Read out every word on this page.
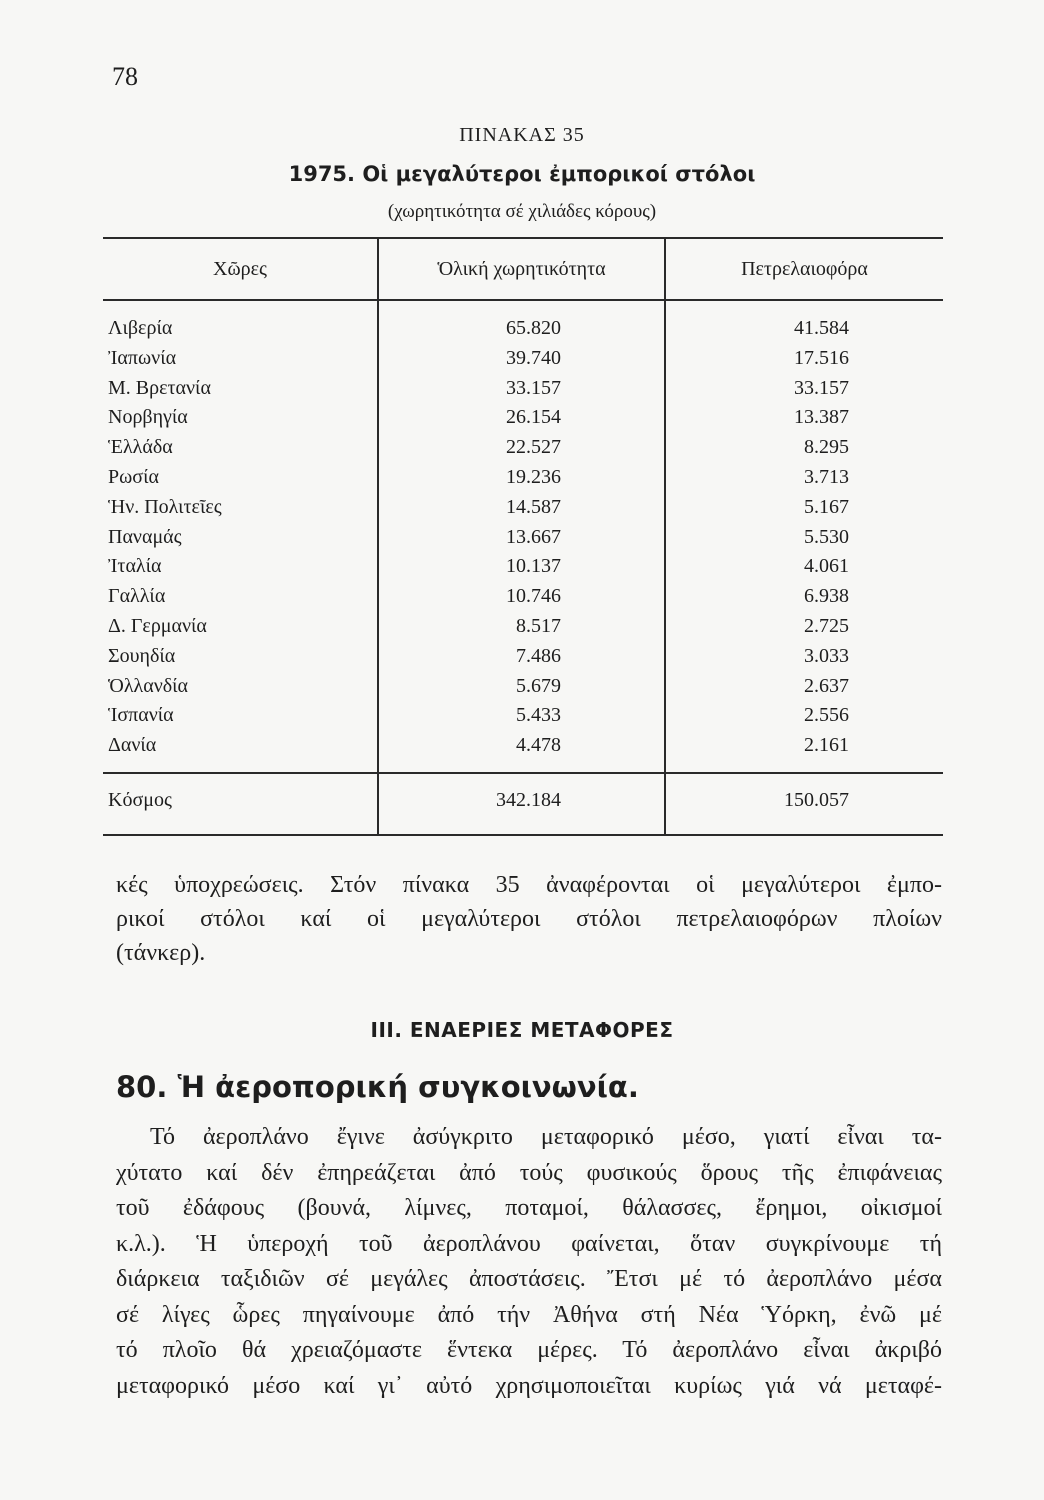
78
ΠΙΝΑΚΑΣ 35
1975. Οἱ μεγαλύτεροι ἐμπορικοί στόλοι
(χωρητικότητα σέ χιλιάδες κόρους)
Χῶρες	Ὁλική χωρητικότητα	Πετρελαιοφόρα
Λιβερία	65.820	41.584
Ἰαπωνία	39.740	17.516
Μ. Βρετανία	33.157	33.157
Νορβηγία	26.154	13.387
Ἑλλάδα	22.527	8.295
Ρωσία	19.236	3.713
Ἡν. Πολιτεῖες	14.587	5.167
Παναμάς	13.667	5.530
Ἰταλία	10.137	4.061
Γαλλία	10.746	6.938
Δ. Γερμανία	8.517	2.725
Σουηδία	7.486	3.033
Ὁλλανδία	5.679	2.637
Ἱσπανία	5.433	2.556
Δανία	4.478	2.161
Κόσμος	342.184	150.057
κές ὑποχρεώσεις. Στόν πίνακα 35 ἀναφέρονται οἱ μεγαλύτεροι ἐμπο-
ρικοί στόλοι καί οἱ μεγαλύτεροι στόλοι πετρελαιοφόρων πλοίων
(τάνκερ).
III. ΕΝΑΕΡΙΕΣ ΜΕΤΑΦΟΡΕΣ
80. Ἡ ἀεροπορική συγκοινωνία.
Τό ἀεροπλάνο ἔγινε ἀσύγκριτο μεταφορικό μέσο, γιατί εἶναι τα-
χύτατο καί δέν ἐπηρεάζεται ἀπό τούς φυσικούς ὅρους τῆς ἐπιφάνειας
τοῦ ἐδάφους (βουνά, λίμνες, ποταμοί, θάλασσες, ἔρημοι, οἰκισμοί
κ.λ.). Ἡ ὑπεροχή τοῦ ἀεροπλάνου φαίνεται, ὅταν συγκρίνουμε τή
διάρκεια ταξιδιῶν σέ μεγάλες ἀποστάσεις. Ἔτσι μέ τό ἀεροπλάνο μέσα
σέ λίγες ὧρες πηγαίνουμε ἀπό τήν Ἀθήνα στή Νέα Ὑόρκη, ἐνῶ μέ
τό πλοῖο θά χρειαζόμαστε ἕντεκα μέρες. Τό ἀεροπλάνο εἶναι ἀκριβό
μεταφορικό μέσο καί γι᾽ αὐτό χρησιμοποιεῖται κυρίως γιά νά μεταφέ-
